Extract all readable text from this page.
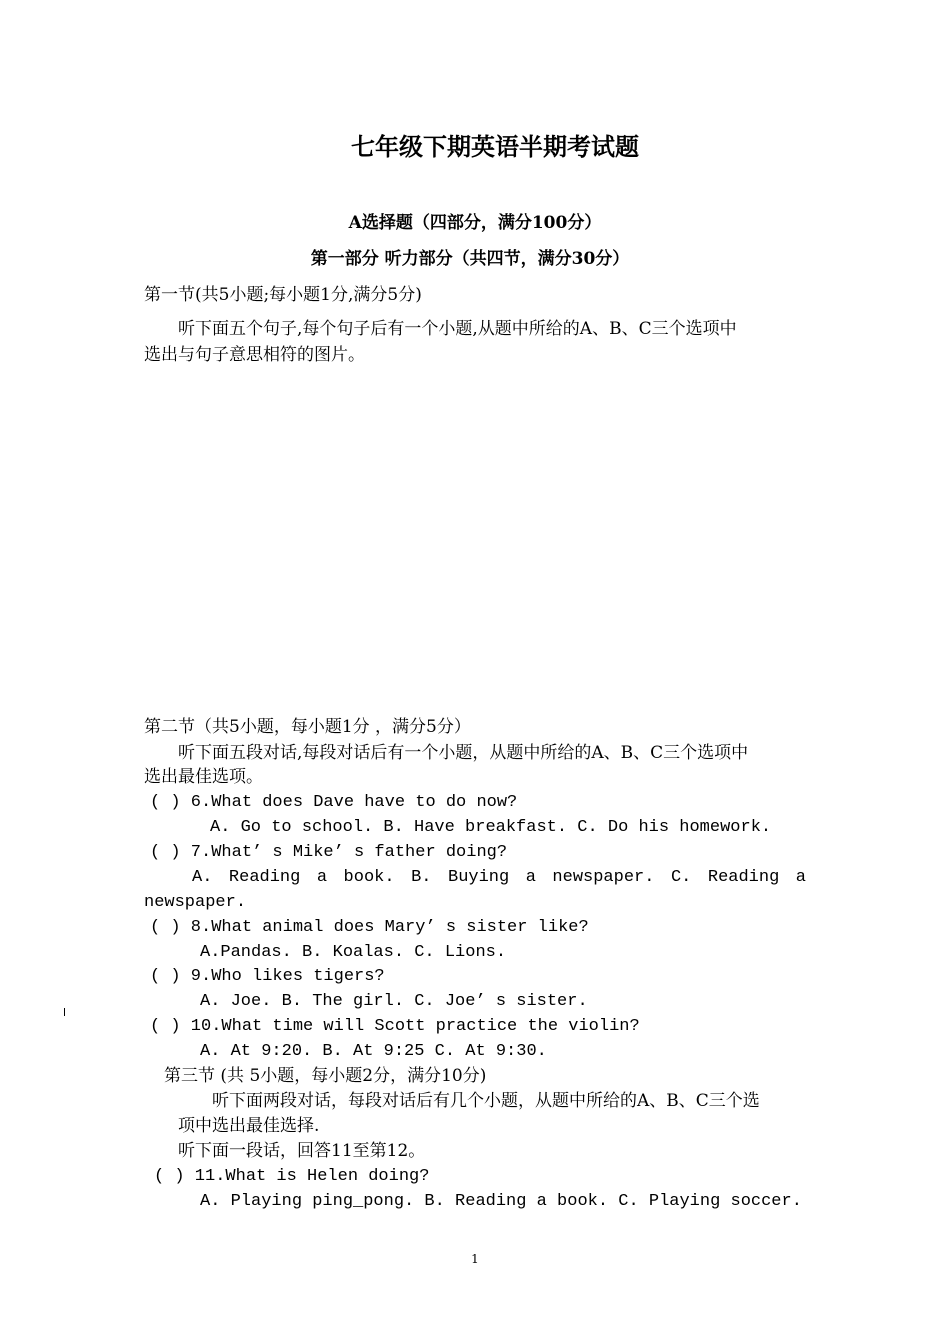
七年级下期英语半期考试题
A选择题（四部分，满分100分）
第一部分 听力部分（共四节，满分30分）
第一节(共5小题;每小题1分,满分5分)
听下面五个句子,每个句子后有一个小题,从题中所给的A、B、C三个选项中
选出与句子意思相符的图片。
第二节（共5小题，每小题1分 ，满分5分）
听下面五段对话,每段对话后有一个小题，从题中所给的A、B、C三个选项中
选出最佳选项。
( ) 6.What does Dave have to do now?
A. Go to school. B. Have breakfast. C. Do his homework.
( ) 7.What’ s Mike’ s father doing?
A. Reading a book. B. Buying a newspaper. C. Reading a
newspaper.
( ) 8.What animal does Mary’ s sister like?
A.Pandas. B. Koalas. C. Lions.
( ) 9.Who likes tigers?
A. Joe. B. The girl. C. Joe’ s sister.
( ) 10.What time will Scott practice the violin?
A. At 9:20. B. At 9:25 C. At 9:30.
第三节 (共 5小题，每小题2分，满分10分)
听下面两段对话，每段对话后有几个小题，从题中所给的A、B、C三个选
项中选出最佳选择.
听下面一段话，回答11至第12。
( ) 11.What is Helen doing?
A. Playing ping_pong. B. Reading a book. C. Playing soccer.
1
